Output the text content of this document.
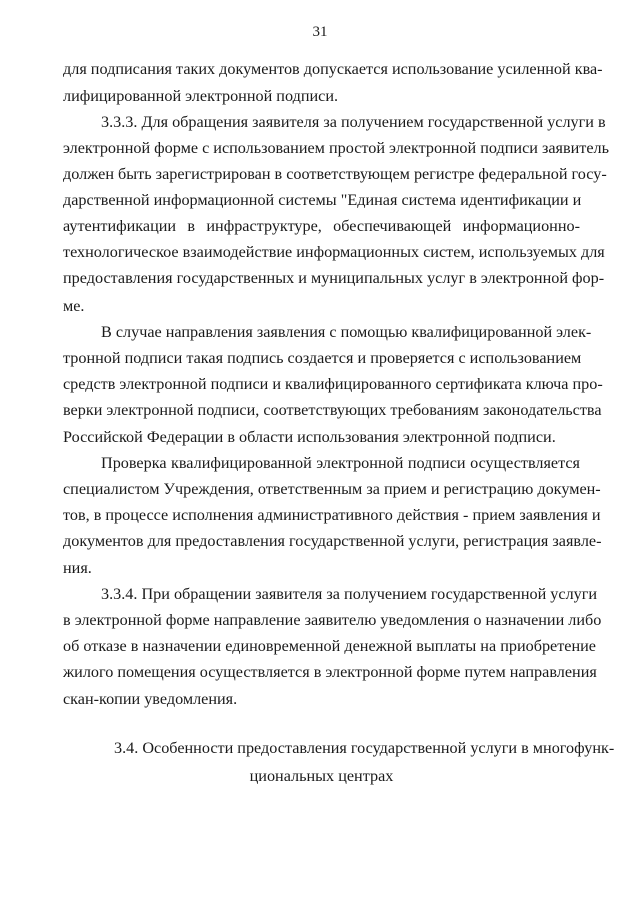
31
для подписания таких документов допускается использование усиленной ква-
лифицированной электронной подписи.
3.3.3. Для обращения заявителя за получением государственной услуги в
электронной форме с использованием простой электронной подписи заявитель
должен быть зарегистрирован в соответствующем регистре федеральной госу-
дарственной информационной системы "Единая система идентификации и
аутентификации в инфраструктуре, обеспечивающей информационно-
технологическое взаимодействие информационных систем, используемых для
предоставления государственных и муниципальных услуг в электронной фор-
ме.
В случае направления заявления с помощью квалифицированной элек-
тронной подписи такая подпись создается и проверяется с использованием
средств электронной подписи и квалифицированного сертификата ключа про-
верки электронной подписи, соответствующих требованиям законодательства
Российской Федерации в области использования электронной подписи.
Проверка квалифицированной электронной подписи осуществляется
специалистом Учреждения, ответственным за прием и регистрацию докумен-
тов, в процессе исполнения административного действия - прием заявления и
документов для предоставления государственной услуги, регистрация заявле-
ния.
3.3.4. При обращении заявителя за получением государственной услуги
в электронной форме направление заявителю уведомления о назначении либо
об отказе в назначении единовременной денежной выплаты на приобретение
жилого помещения осуществляется в электронной форме путем направления
скан-копии уведомления.
3.4. Особенности предоставления государственной услуги в многофунк-
циональных центрах
